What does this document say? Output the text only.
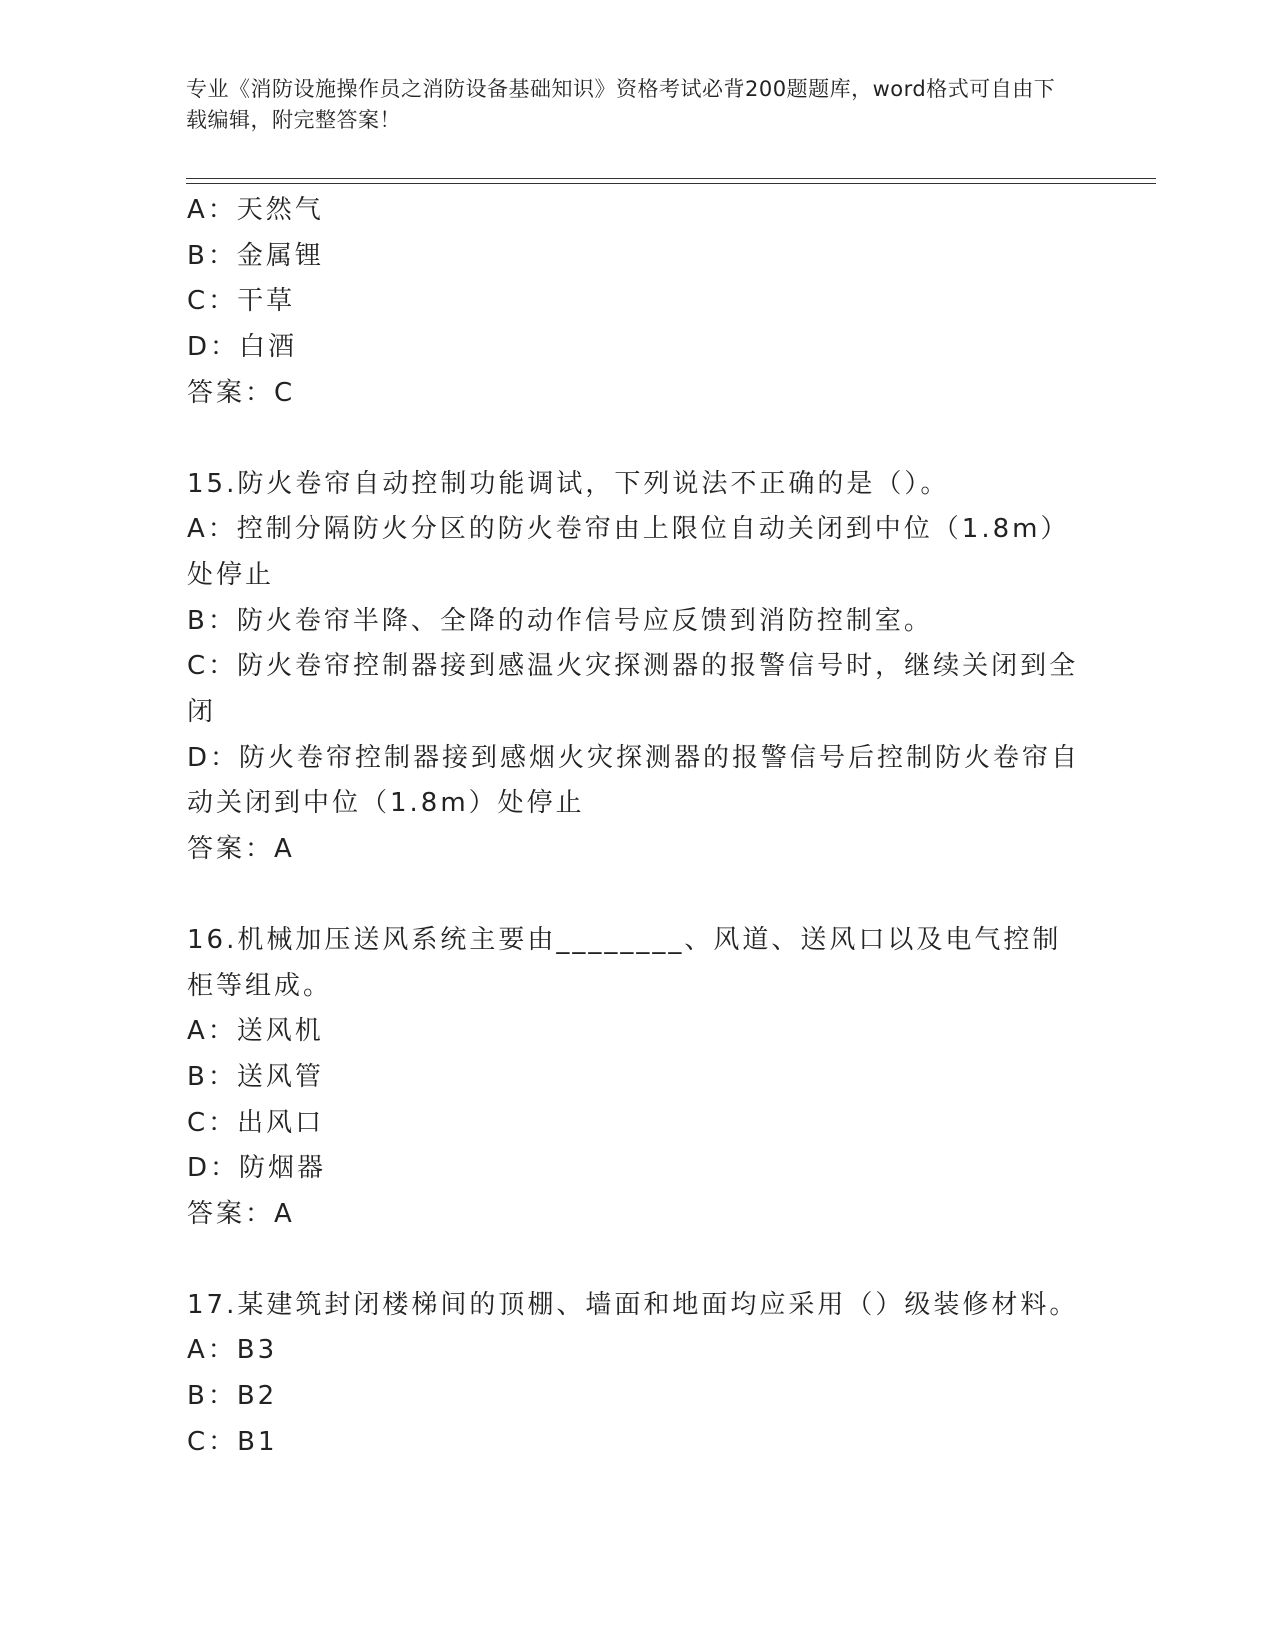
专业《消防设施操作员之消防设备基础知识》资格考试必背200题题库，word格式可自由下载编辑，附完整答案！
A：天然气
B：金属锂
C：干草
D：白酒
答案：C
15.防火卷帘自动控制功能调试，下列说法不正确的是（）。
A：控制分隔防火分区的防火卷帘由上限位自动关闭到中位（1.8m）处停止
B：防火卷帘半降、全降的动作信号应反馈到消防控制室。
C：防火卷帘控制器接到感温火灾探测器的报警信号时，继续关闭到全闭
D：防火卷帘控制器接到感烟火灾探测器的报警信号后控制防火卷帘自动关闭到中位（1.8m）处停止
答案：A
16.机械加压送风系统主要由________、风道、送风口以及电气控制柜等组成。
A：送风机
B：送风管
C：出风口
D：防烟器
答案：A
17.某建筑封闭楼梯间的顶棚、墙面和地面均应采用（）级装修材料。
A：B3
B：B2
C：B1
